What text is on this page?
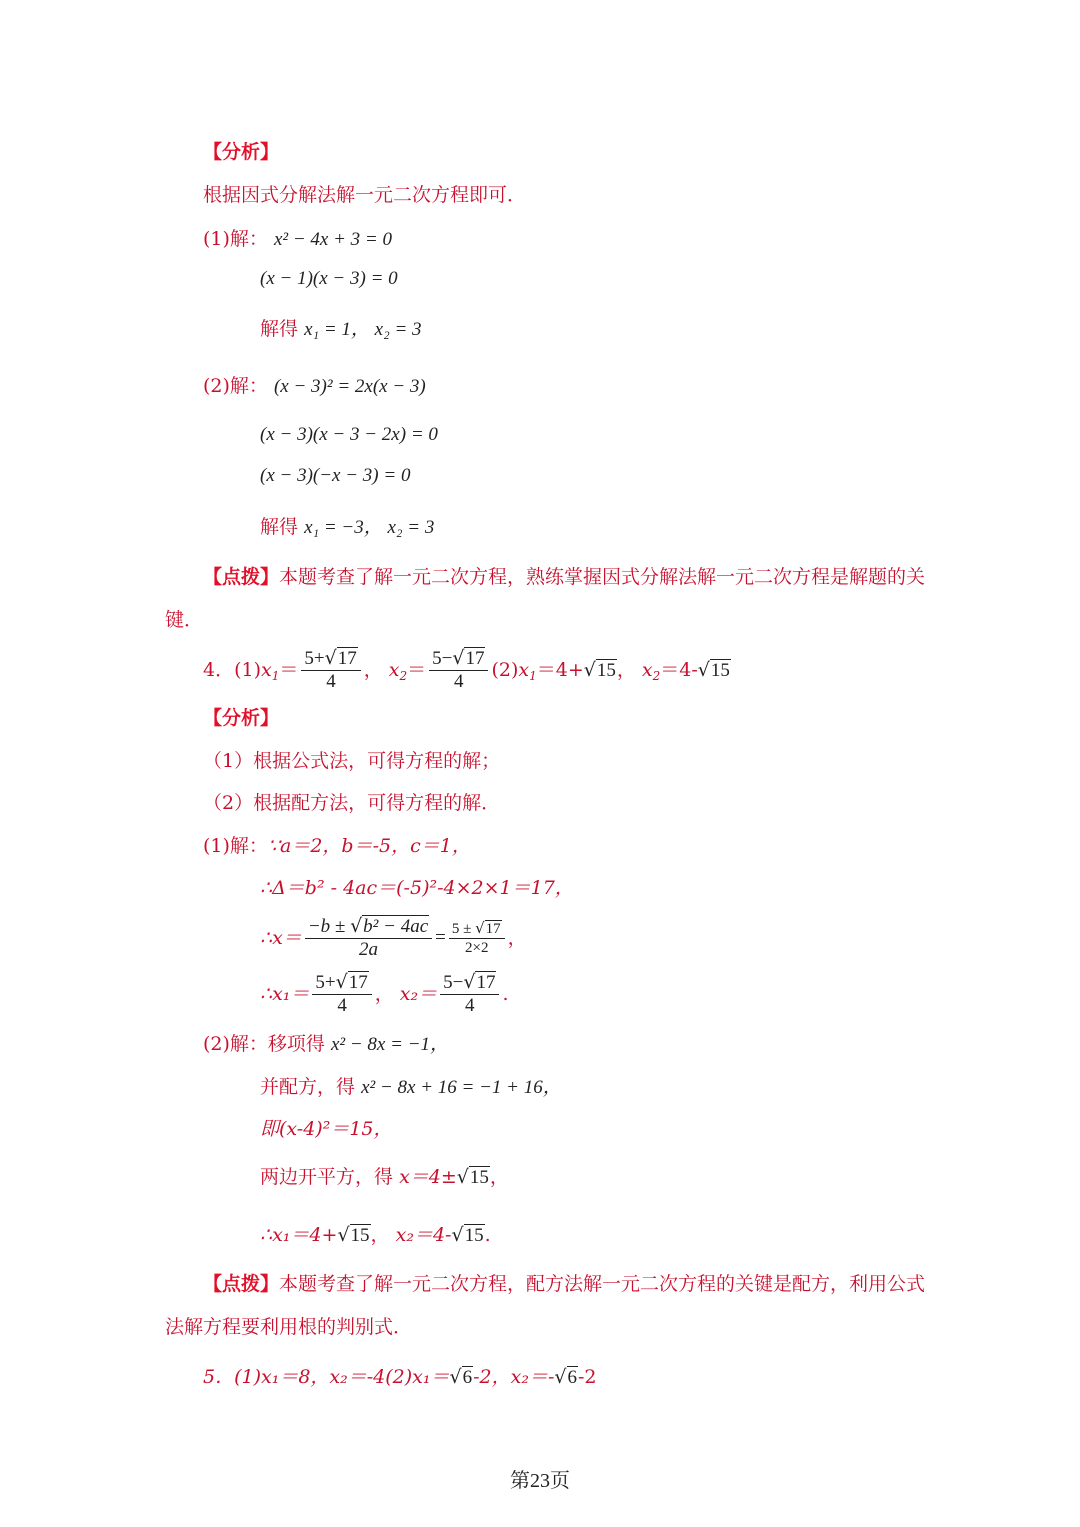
【分析】
根据因式分解法解一元二次方程即可．
(1)解： x² − 4x + 3 = 0
(x − 1)(x − 3) = 0
解得 x₁ = 1， x₂ = 3
(2)解： (x − 3)² = 2x(x − 3)
(x − 3)(x − 3 − 2x) = 0
(x − 3)(−x − 3) = 0
解得 x₁ = −3， x₂ = 3
【点拨】本题考查了解一元二次方程，熟练掌握因式分解法解一元二次方程是解题的关
键．
4．(1) $x_1 = \frac{5+√17}{4}$ ， $x_2 = \frac{5-√17}{4} (2) x_1 = 4+ √15$ ， $x_2 = 4-$ √15
【分析】
（1）根据公式法，可得方程的解；
（2）根据配方法，可得方程的解．
(1)解：∵a＝2，b＝-5，c＝1，
∴Δ＝b² - 4ac＝(-5)²-4×2×1＝17，
∴x＝ $\frac{\text{−b ± √b² − 4ac}}{2a} = \frac{5 \pm √17}{2\times 2}$ ，
∴x₁＝ $\frac{5+√17}{4}$ ， $x_2= \frac{5-√17}{4}$ .
(2)解：移项得 x² − 8x = −1，
并配方，得 x² − 8x + 16 = −1 + 16，
即(x-4)²＝15，
两边开平方，得 x＝4±√15，
∴x₁＝4+√15， x₂＝4-√15.
【点拨】本题考查了解一元二次方程，配方法解一元二次方程的关键是配方，利用公式
法解方程要利用根的判别式．
5．(1)x₁＝8，x₂＝-4(2)x₁＝√6-2，x₂＝-√6-2
第23页
